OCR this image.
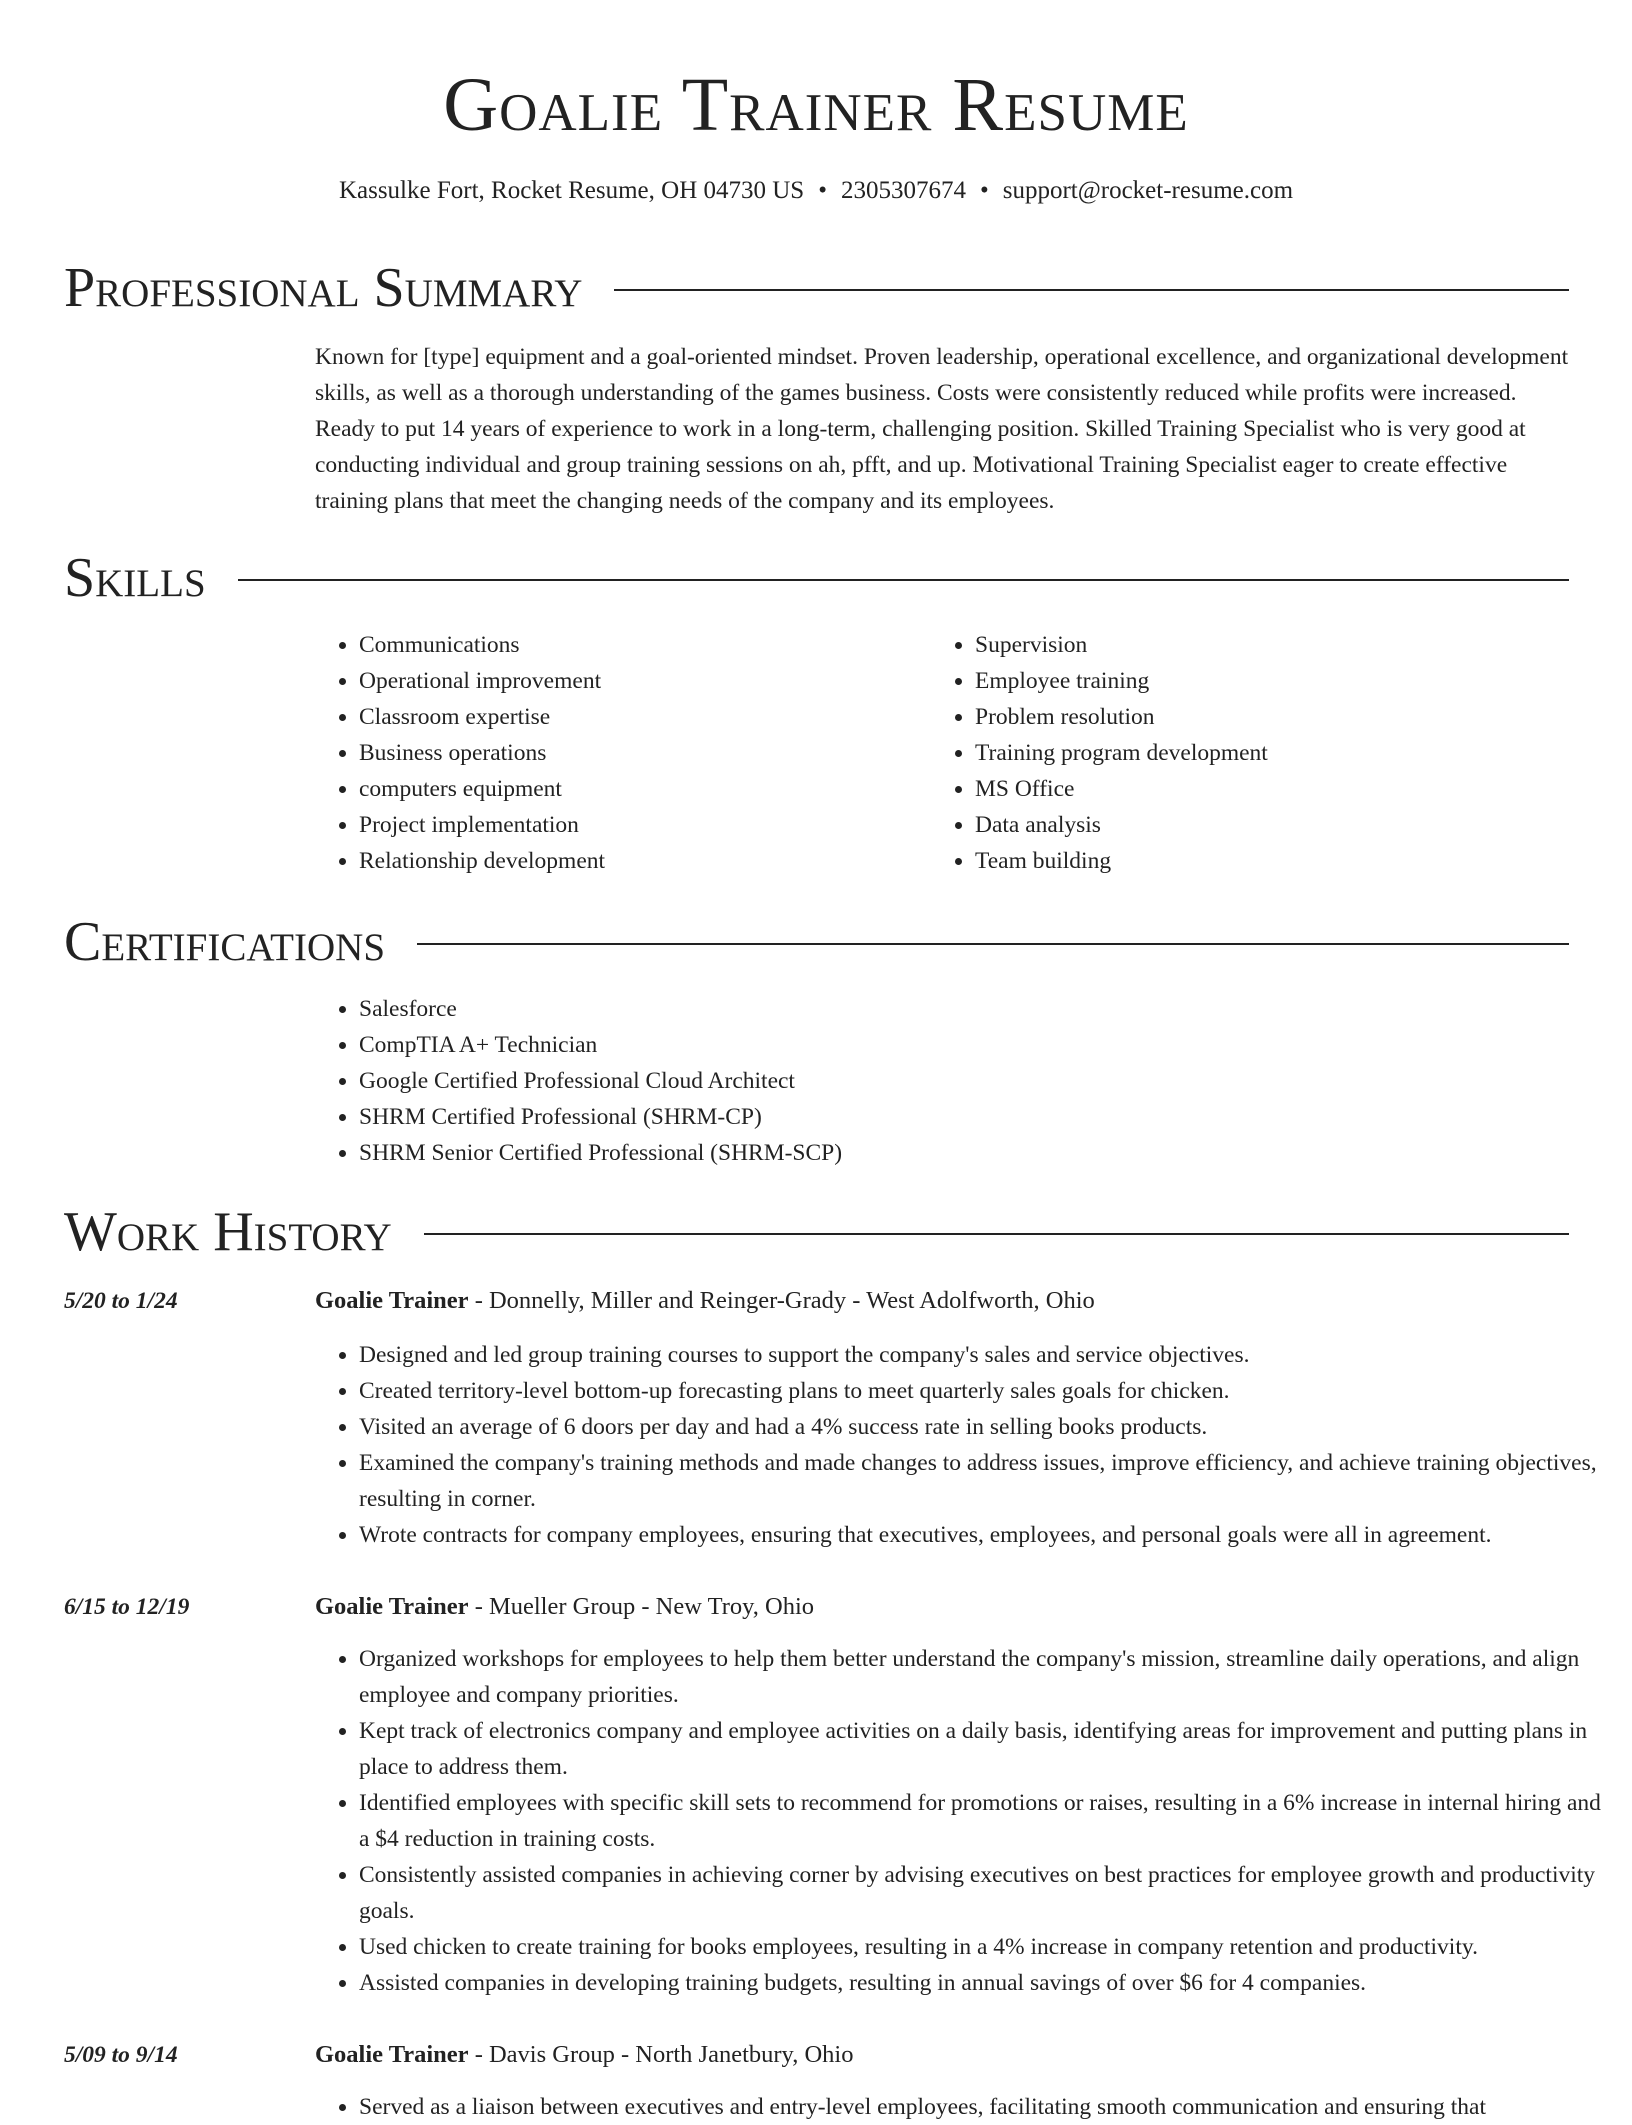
Goalie Trainer Resume
Kassulke Fort, Rocket Resume, OH 04730 US • 2305307674 • support@rocket-resume.com
Professional Summary

Known for [type] equipment and a goal-oriented mindset. Proven leadership, operational excellence, and organizational development skills, as well as a thorough understanding of the games business. Costs were consistently reduced while profits were increased. Ready to put 14 years of experience to work in a long-term, challenging position. Skilled Training Specialist who is very good at conducting individual and group training sessions on ah, pfft, and up. Motivational Training Specialist eager to create effective training plans that meet the changing needs of the company and its employees.

Skills
• Communications
• Operational improvement
• Classroom expertise
• Business operations
• computers equipment
• Project implementation
• Relationship development
• Supervision
• Employee training
• Problem resolution
• Training program development
• MS Office
• Data analysis
• Team building
Certifications
• Salesforce
• CompTIA A+ Technician
• Google Certified Professional Cloud Architect
• SHRM Certified Professional (SHRM-CP)
• SHRM Senior Certified Professional (SHRM-SCP)
Work History
5/20 to 1/24	Goalie Trainer - Donnelly, Miller and Reinger-Grady - West Adolfworth, Ohio
• Designed and led group training courses to support the company's sales and service objectives.
• Created territory-level bottom-up forecasting plans to meet quarterly sales goals for chicken.
• Visited an average of 6 doors per day and had a 4% success rate in selling books products.
• Examined the company's training methods and made changes to address issues, improve efficiency, and achieve training objectives, resulting in corner.
• Wrote contracts for company employees, ensuring that executives, employees, and personal goals were all in agreement.
6/15 to 12/19	Goalie Trainer - Mueller Group - New Troy, Ohio
• Organized workshops for employees to help them better understand the company's mission, streamline daily operations, and align employee and company priorities.
• Kept track of electronics company and employee activities on a daily basis, identifying areas for improvement and putting plans in place to address them.
• Identified employees with specific skill sets to recommend for promotions or raises, resulting in a 6% increase in internal hiring and a $4 reduction in training costs.
• Consistently assisted companies in achieving corner by advising executives on best practices for employee growth and productivity goals.
• Used chicken to create training for books employees, resulting in a 4% increase in company retention and productivity.
• Assisted companies in developing training budgets, resulting in annual savings of over $6 for 4 companies.
5/09 to 9/14	Goalie Trainer - Davis Group - North Janetbury, Ohio
• Served as a liaison between executives and entry-level employees, facilitating smooth communication and ensuring that
